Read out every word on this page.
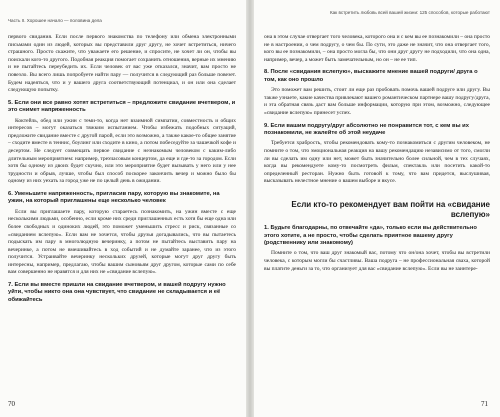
Часть II. Хорошее начало — половина дела

первого свидания. Если после первого знакомства по телефону или обмена электронными письмами один из людей, которых вы представили друг другу, не хочет встретиться, ничего страшного. Просто скажите, что уважаете его решение, и спросите, не хочет ли он, чтобы вы поискали кого-то другого. Подобная реакция помогает сохранить отношения, верные их мнению и не пытайтесь переубедить их. Если человек от вас уже отказался, значит, вам просто не повезло. Вы всего лишь попробуете найти пару — получится в следующий раз больше повезет. Будем надеяться, что и у вашего друга соответствующий потенциал, и он или она сделает следующую попытку.

5. Если они все равно хотят встретиться – предложите свидание вчетвером, и это снимет напряженность

Коктейль, обед или ужин с теми-то, когда нет взаимной симпатии, совместность и общих интересов – могут оказаться тяжким испытанием. Чтобы избежать подобных ситуаций, предложите свидание вместе с другой парой, если это возможно, а также какое-то общее занятие – сходите вместе в теннис, боулинг или сходите в кино, а потом побеседуйте за чашечкой кофе и десертом. Не следует совмещать первое свидание с незнакомым человеком с каким-либо длительным мероприятием: например, трехчасовым концертом, да еще и где-то за городом. Если хотя бы одному из двоих будет скучно, или это мероприятие будет вызывать у него или у нее трудности и обрыв, лучше, чтобы был способ поскорее закончить вечер и можно было бы одному из них уехать за город уже не по целый день в ожидании.

6. Уменьшите напряженность, пригласив пару, которую вы знакомите, на ужин, на который приглашены еще несколько человек

Если вы приглашаете пару, которую стараетесь познакомить, на ужин вместе с еще несколькими людьми, особенно, если кроме них среди приглашенных есть хотя бы еще одна или более свободных и одиноких людей, это поможет уменьшить стресс и риск, связанные со «свиданием вслепую». Если вам не хочется, чтобы друзья догадывались, что вы пытаетесь подыскать им пару в многолюдную вечеринку, а потом не пытайтесь выставить пару на вечеринке, а потом не вмешивайтесь в ход событий и не думайте заранее, что из этого получится. Устраивайте вечеринку нескольких друзей, которые могут друг другу быть интересны, например, предлагаю, чтобы вашим сыновьям друг другом, которые сами по себе вам совершенно не нравятся и для них не «свидание вслепую».

7. Если вы вместе пришли на свидание вчетвером, и вашей подругу нужно уйти, чтобы никто она она чувствует, что свидание не складывается и её обижайтесь
70
Как встретить любовь всей вашей жизни: 125 способов, которые работают

она в этом случае отвергает того человека, которого она и с кем вы ее познакомили – она просто не в настроении, о чем подругу, о чем бы. По сути, это даже не значит, что она отвергает того, кого вы ее познакомили, – она просто могла бы, что они друг другу не подходили, что она одна, например, вечер, а может быть замечательным, но он – не ее тип.

8. После «свидания вслепую», выскажите мнение вашей подруги/ друга о том, как оно прошло

Это поможет вам решить, стоит ли еще раз пробовать помочь вашей подруге или другу. Вы также узнаете, какие качества привлекают вашего романтическом партнере вашу подругу/друга, и эта обратная связь даст вам больше информации, которую при этом, возможно, следующее «свидание вслепую» принесет успех.

9. Если вашим подругу/друг абсолютно не понравится тот, с кем вы их познакомили, не жалейте об этой неудаче

Требуется храбрость, чтобы рекомендовать кому-то познакомиться с другим человеком, не помните о том, что эмоциональная реакция на вашу рекомендацию независимо от того, смогли ли вы сделать им одну или нет, может быть значительно более сильной, чем в тех случаях, когда вы рекомендуете кому-то посмотреть фильм, спектакль или посетить какой-то определенный ресторан. Нужно быть готовой к тому, что вам придется, выслушивая, высказывать нелестное мнение о вашем выборе и вкусе.

Если кто-то рекомендует вам пойти на «свидание вслепую»
1. Будьте благодарны, по отвечайте «да», только если вы действительно этого хотите, а не просто, чтобы сделать приятное вашему другу (родственнику или знакомому)

Помните о том, что ваш друг знакомый вас, потому что он/она хочет, чтобы вы встретили человека, с которым могли бы счастливы. Ваша подруга – не профессиональная сваха, которой вы платите деньги за то, что организует для вас «свидание вслепую». Если вы не заинтере-

71
